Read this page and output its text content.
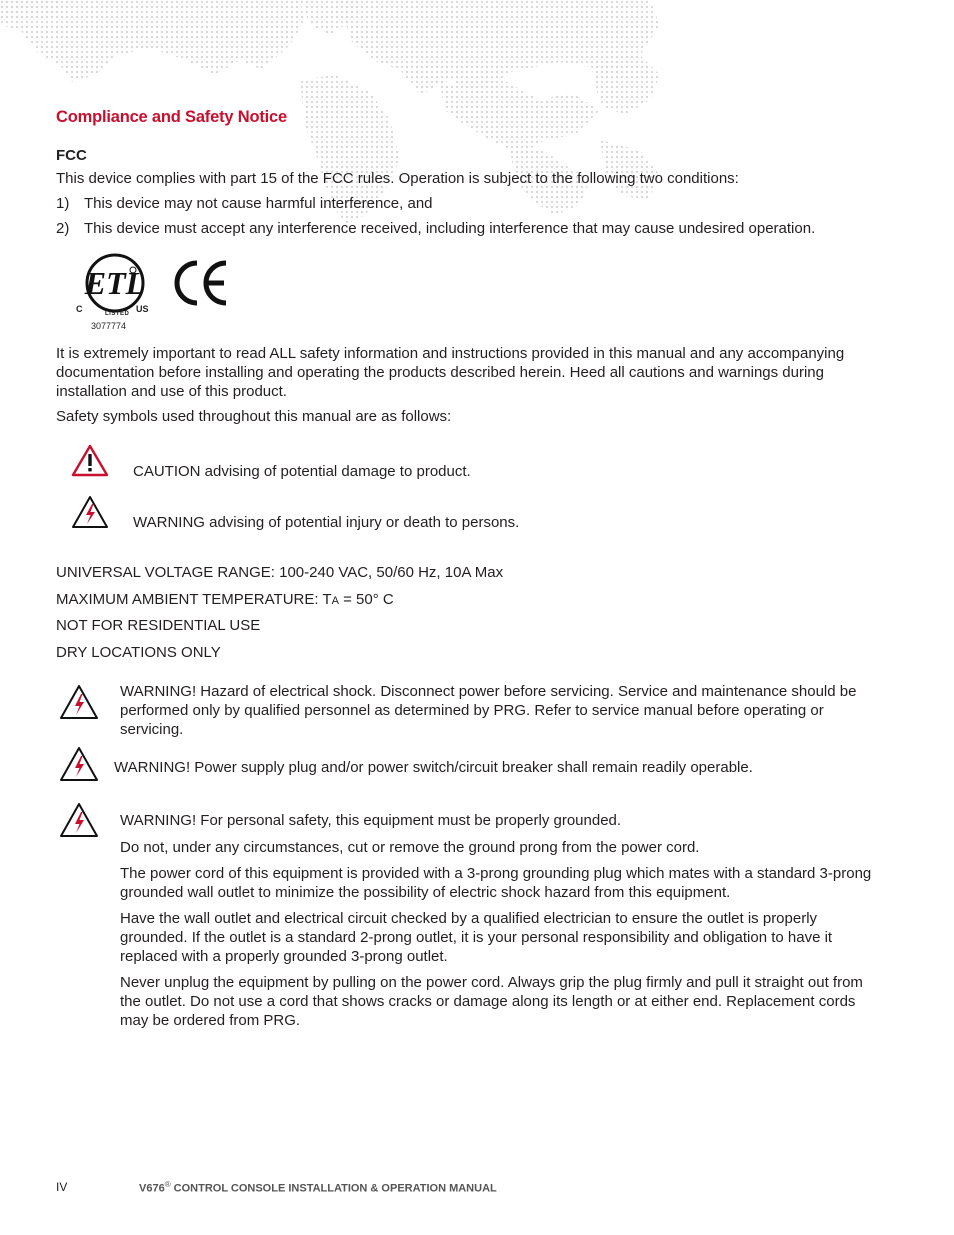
Compliance and Safety Notice
FCC
This device complies with part 15 of the FCC rules. Operation is subject to the following two conditions:
1) This device may not cause harmful interference, and
2) This device must accept any interference received, including interference that may cause undesired operation.
ETL
C	LISTED US
3077774
It is extremely important to read ALL safety information and instructions provided in this manual and any accompanying documentation before installing and operating the products described herein. Heed all cautions and warnings during installation and use of this product.
Safety symbols used throughout this manual are as follows:
CAUTION advising of potential damage to product.
WARNING advising of potential injury or death to persons.
UNIVERSAL VOLTAGE RANGE: 100-240 VAC, 50/60 Hz, 10A Max
MAXIMUM AMBIENT TEMPERATURE: TA = 50° C
NOT FOR RESIDENTIAL USE
DRY LOCATIONS ONLY
WARNING! Hazard of electrical shock. Disconnect power before servicing. Service and maintenance should be performed only by qualified personnel as determined by PRG. Refer to service manual before operating or servicing.
WARNING! Power supply plug and/or power switch/circuit breaker shall remain readily operable.
WARNING! For personal safety, this equipment must be properly grounded.
Do not, under any circumstances, cut or remove the ground prong from the power cord.
The power cord of this equipment is provided with a 3-prong grounding plug which mates with a standard 3-prong grounded wall outlet to minimize the possibility of electric shock hazard from this equipment.
Have the wall outlet and electrical circuit checked by a qualified electrician to ensure the outlet is properly grounded. If the outlet is a standard 2-prong outlet, it is your personal responsibility and obligation to have it replaced with a properly grounded 3-prong outlet.
Never unplug the equipment by pulling on the power cord. Always grip the plug firmly and pull it straight out from the outlet. Do not use a cord that shows cracks or damage along its length or at either end. Replacement cords may be ordered from PRG.
IV	V676® CONTROL CONSOLE INSTALLATION & OPERATION MANUAL
